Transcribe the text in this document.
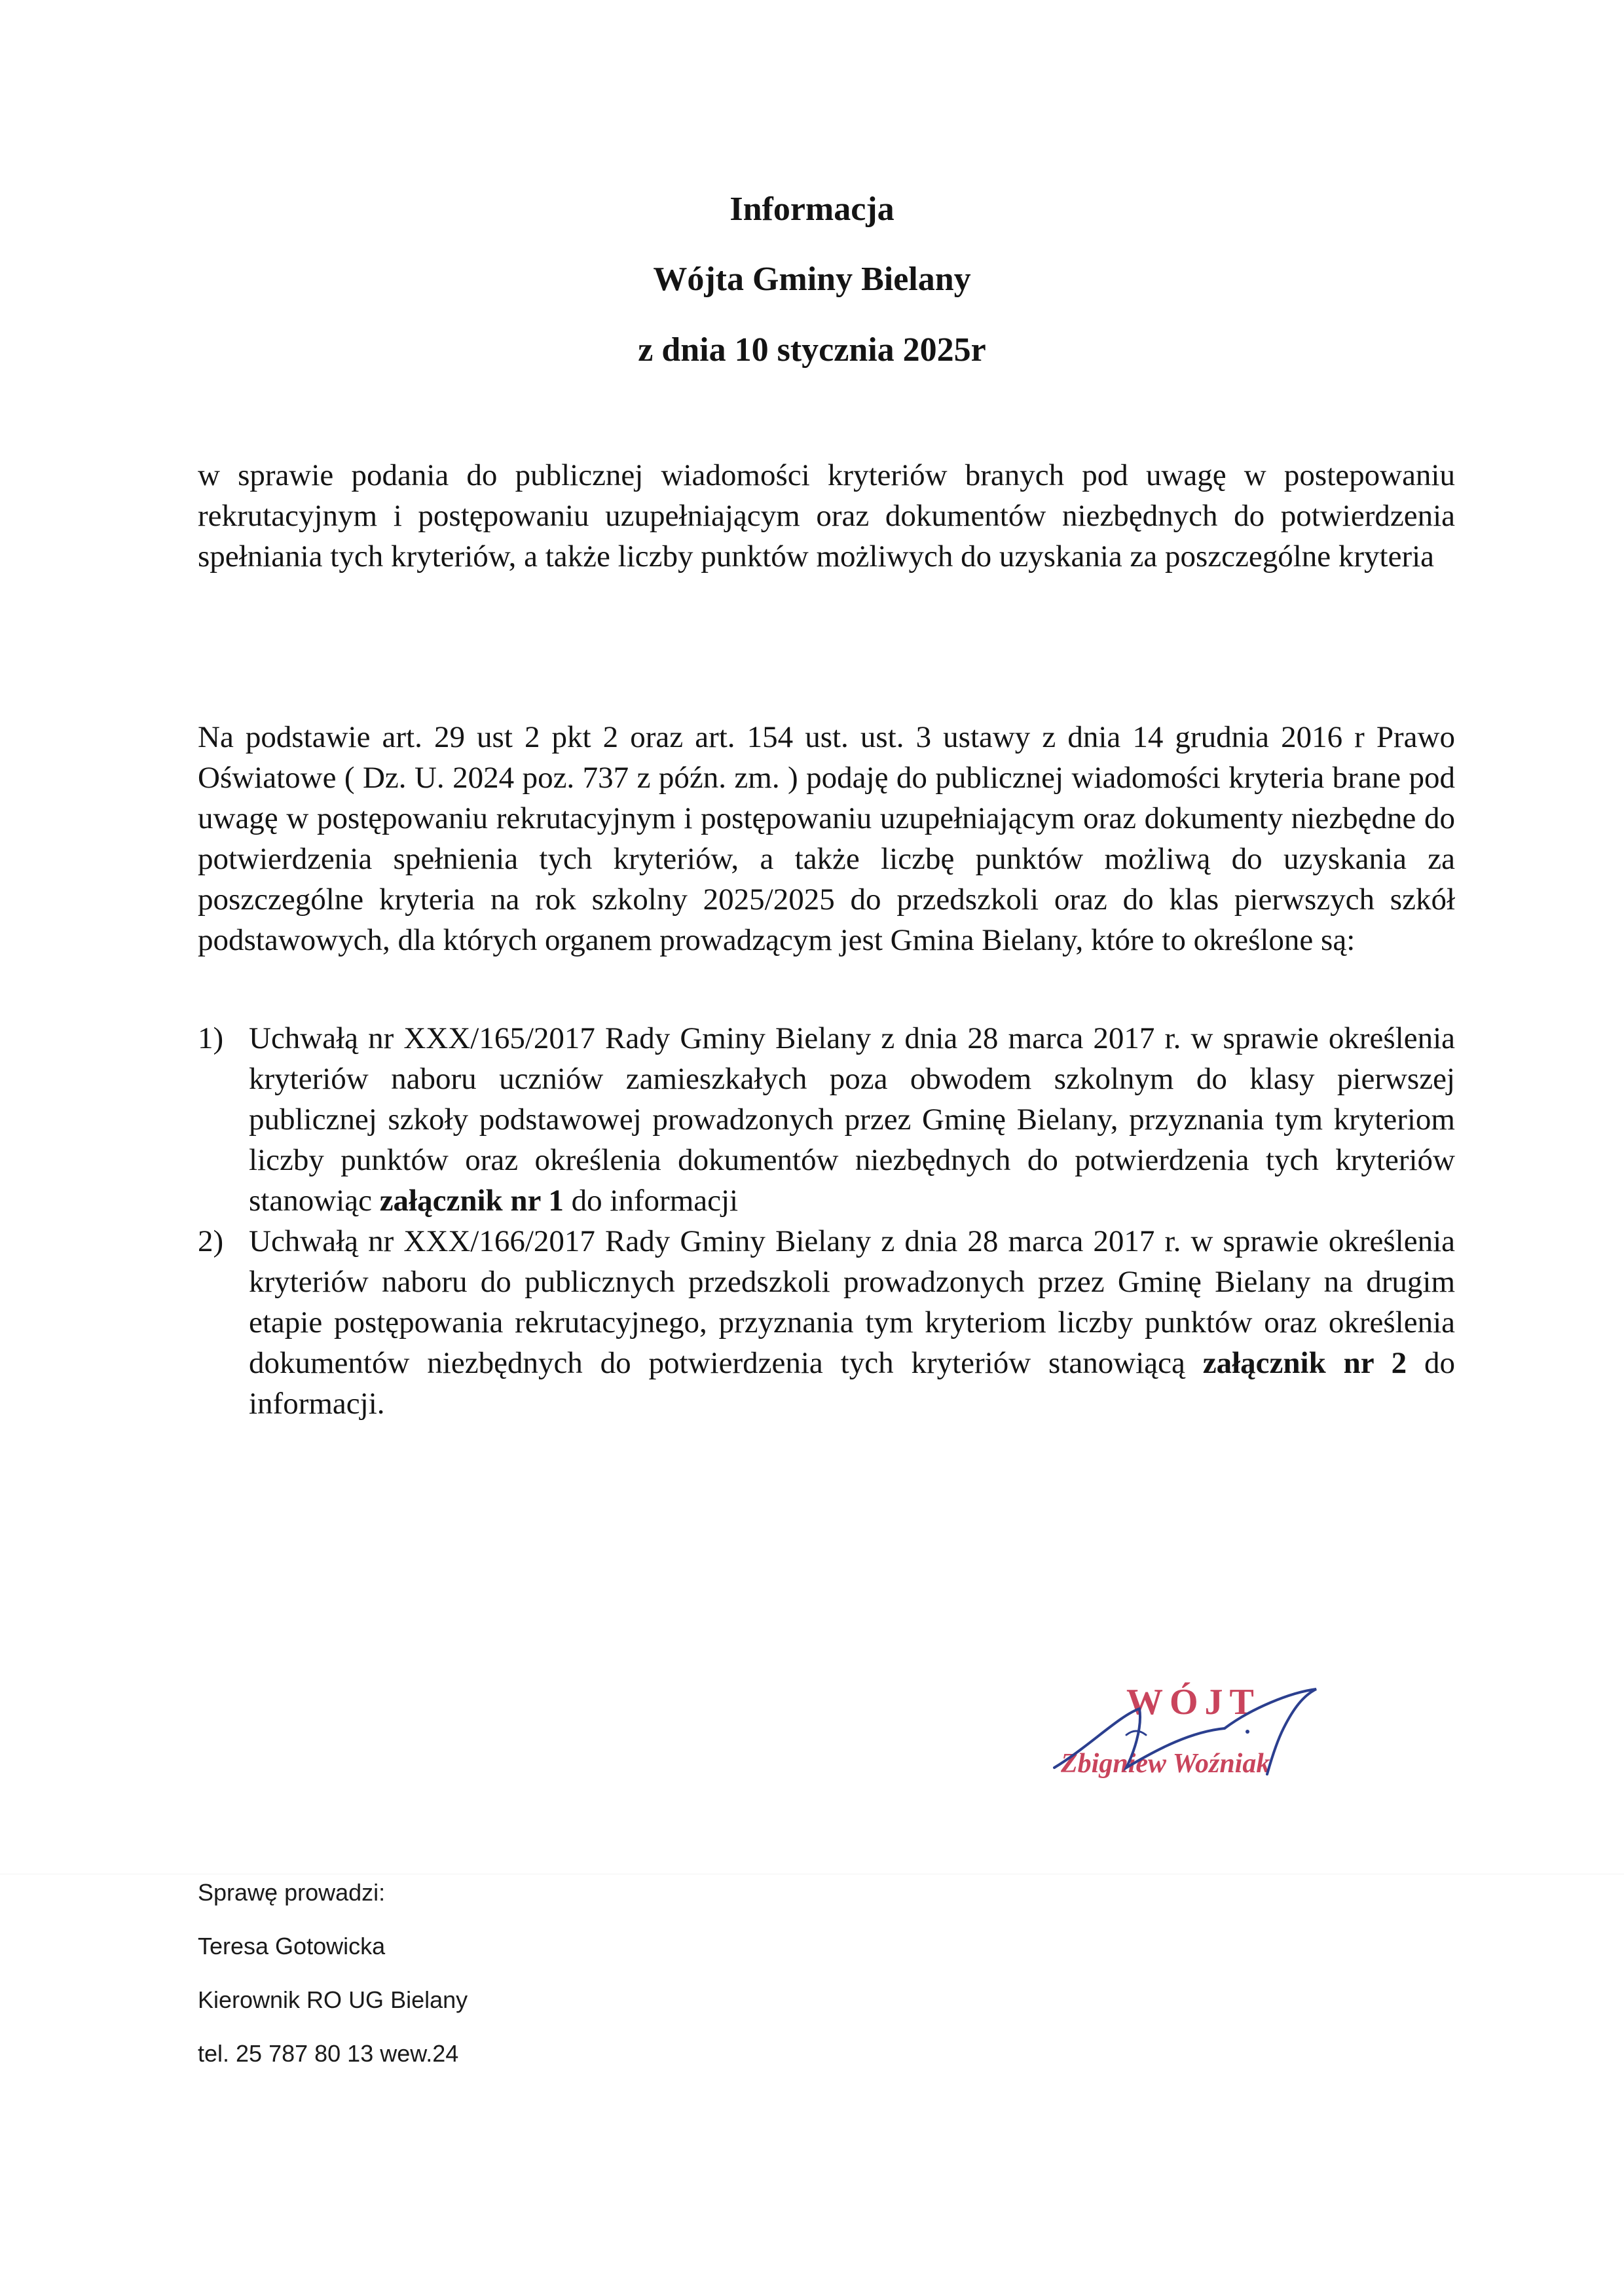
Informacja
Wójta Gminy Bielany
z dnia 10 stycznia 2025r
w sprawie podania do publicznej wiadomości kryteriów branych pod uwagę w postepowaniu rekrutacyjnym i postępowaniu uzupełniającym oraz dokumentów niezbędnych do potwierdzenia spełniania tych kryteriów, a także liczby punktów możliwych do uzyskania za poszczególne kryteria
Na podstawie art. 29 ust 2 pkt 2 oraz art. 154 ust. ust. 3 ustawy z dnia 14 grudnia 2016 r Prawo Oświatowe ( Dz. U. 2024 poz. 737 z późn. zm. ) podaję do publicznej wiadomości kryteria brane pod uwagę w postępowaniu rekrutacyjnym i postępowaniu uzupełniającym oraz dokumenty niezbędne do potwierdzenia spełnienia tych kryteriów, a także liczbę punktów możliwą do uzyskania za poszczególne kryteria na rok szkolny 2025/2025 do przedszkoli oraz do klas pierwszych szkół podstawowych, dla których organem prowadzącym jest Gmina Bielany, które to określone są:
1) Uchwałą nr XXX/165/2017 Rady Gminy Bielany z dnia 28 marca 2017 r. w sprawie określenia kryteriów naboru uczniów zamieszkałych poza obwodem szkolnym do klasy pierwszej publicznej szkoły podstawowej prowadzonych przez Gminę Bielany, przyznania tym kryteriom liczby punktów oraz określenia dokumentów niezbędnych do potwierdzenia tych kryteriów stanowiąc załącznik nr 1 do informacji
2) Uchwałą nr XXX/166/2017 Rady Gminy Bielany z dnia 28 marca 2017 r. w sprawie określenia kryteriów naboru do publicznych przedszkoli prowadzonych przez Gminę Bielany na drugim etapie postępowania rekrutacyjnego, przyznania tym kryteriom liczby punktów oraz określenia dokumentów niezbędnych do potwierdzenia tych kryteriów stanowiącą załącznik nr 2 do informacji.
WÓJT
Zbigniew Woźniak
Sprawę prowadzi:
Teresa Gotowicka
Kierownik RO UG Bielany
tel. 25 787 80 13 wew.24
